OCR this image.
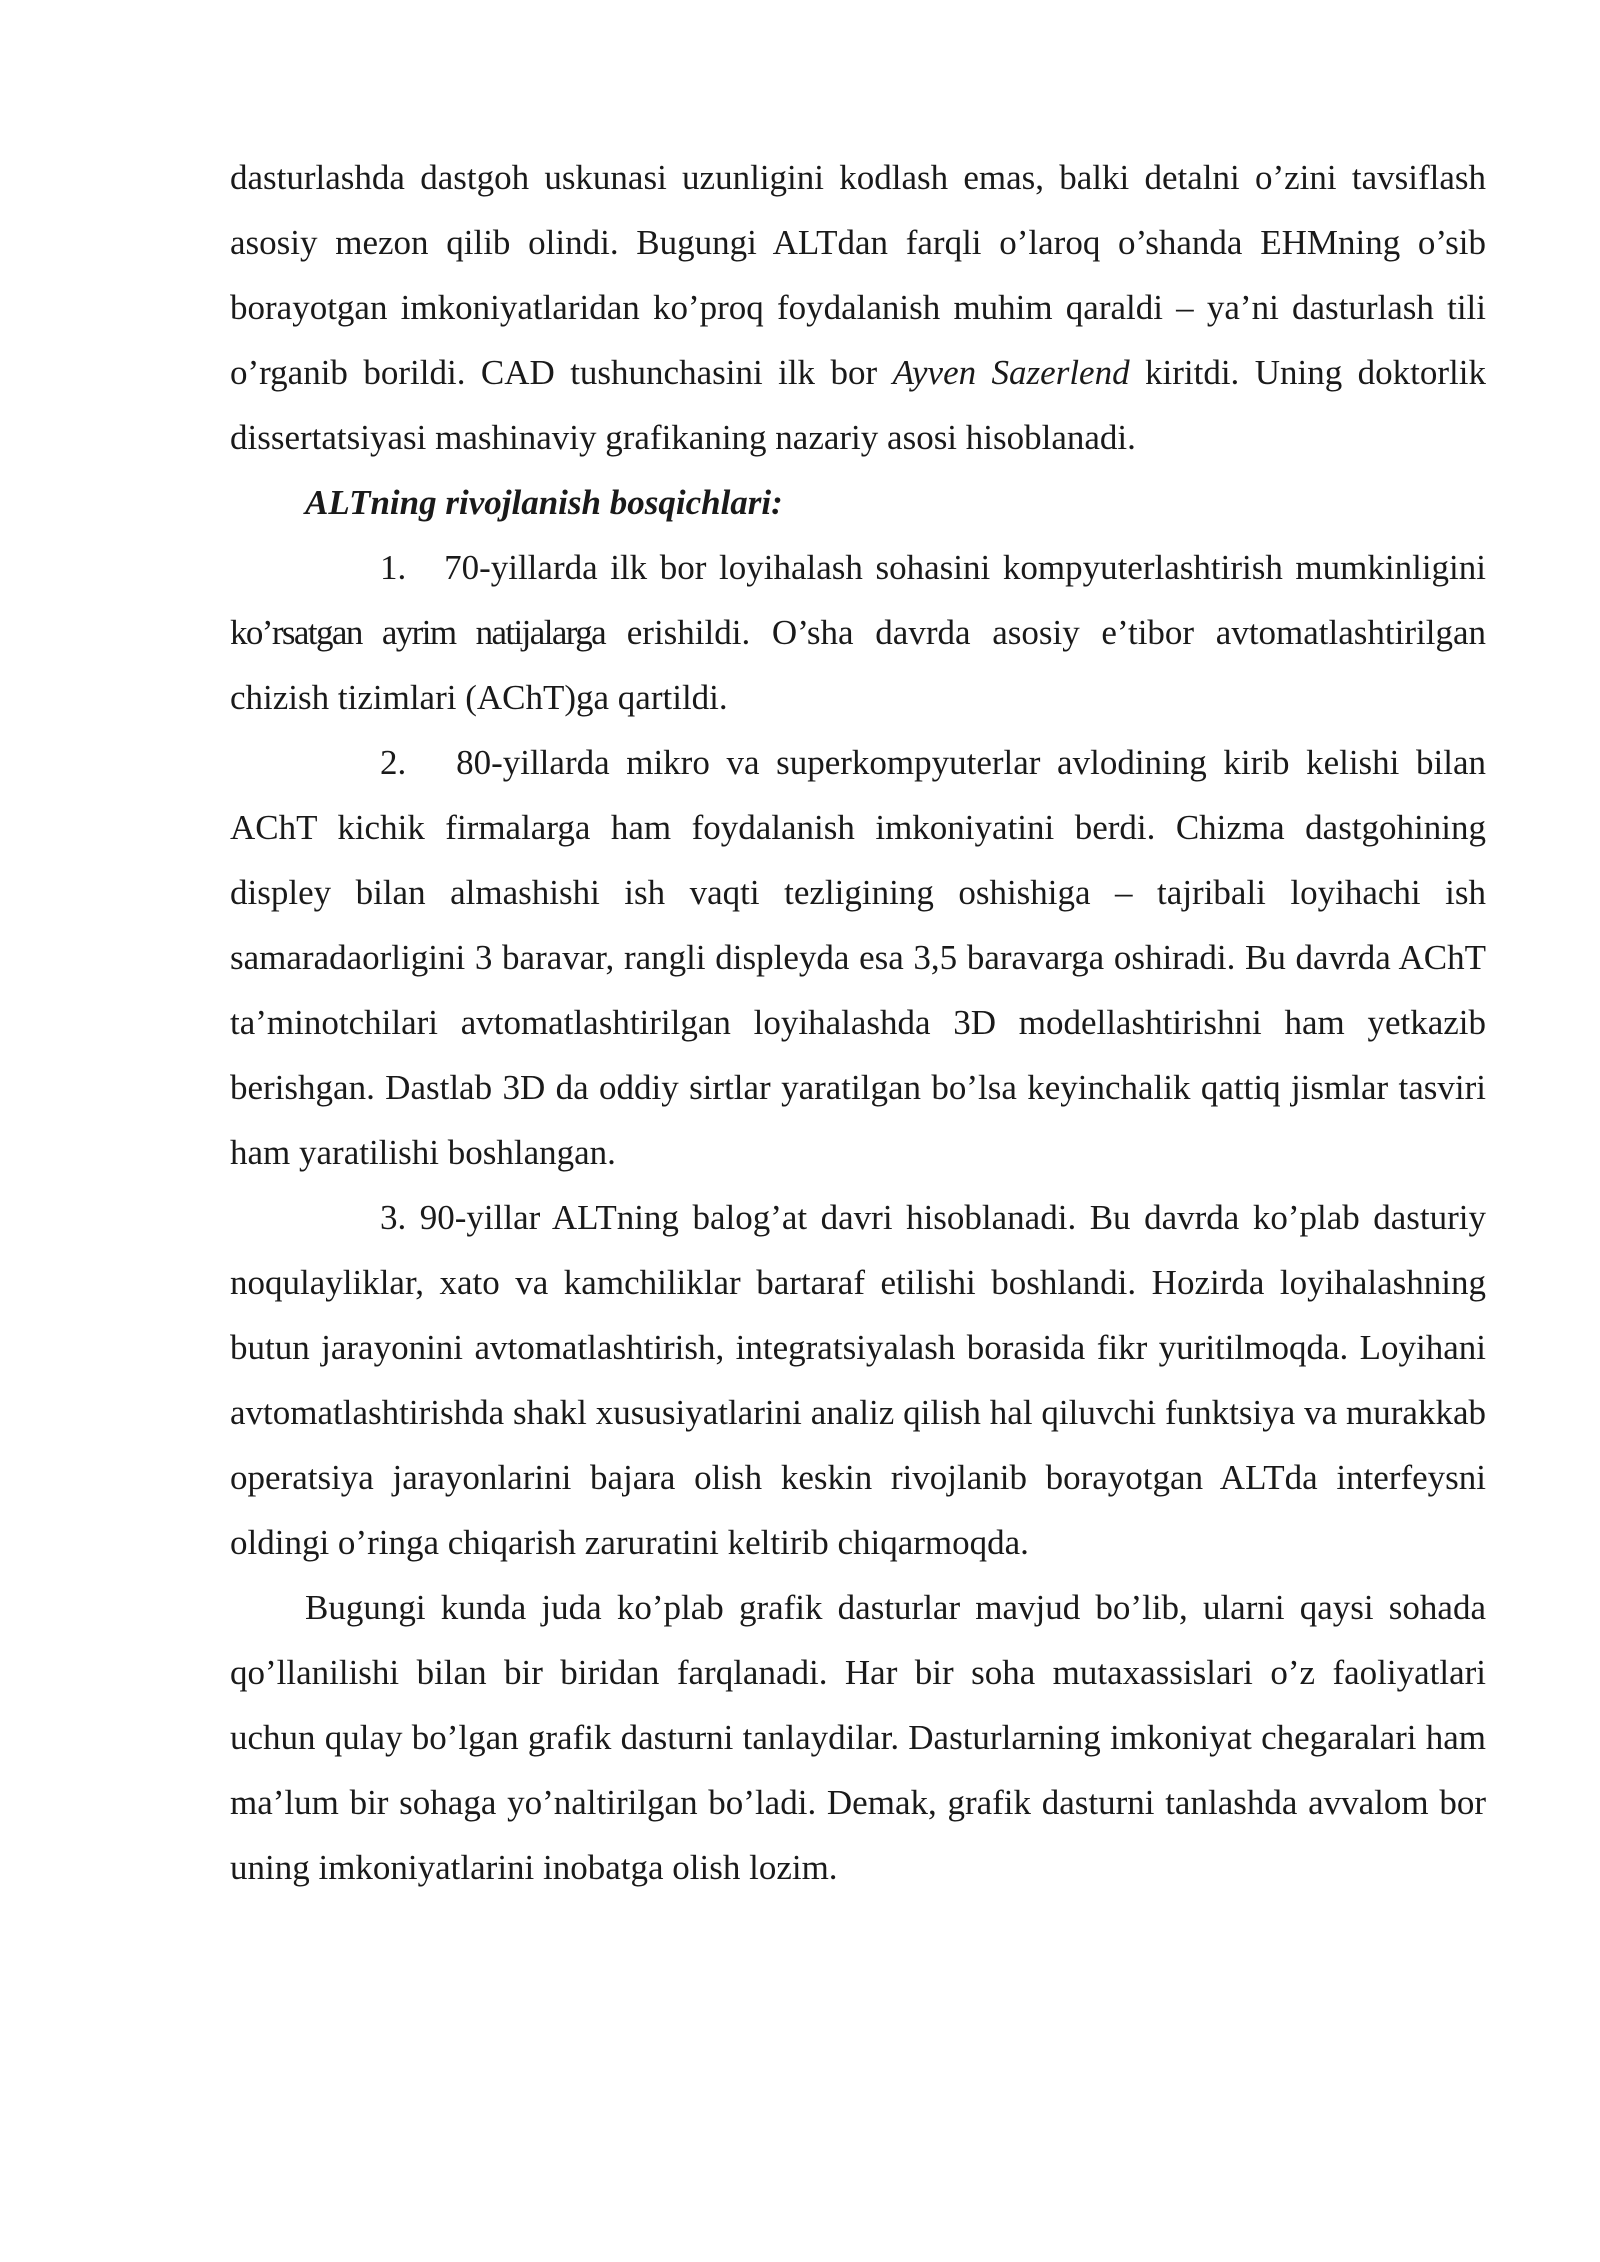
dasturlashda dastgoh uskunasi uzunligini kodlash emas, balki detalni o’zini tavsiflash asosiy mezon qilib olindi. Bugungi ALTdan farqli o’laroq o’shanda EHMning o’sib borayotgan imkoniyatlaridan ko’proq foydalanish muhim qaraldi – ya’ni dasturlash tili o’rganib borildi. CAD tushunchasini ilk bor Ayven Sazerlend kiritdi. Uning doktorlik dissertatsiyasi mashinaviy grafikaning nazariy asosi hisoblanadi.

ALTning rivojlanish bosqichlari:

1. 70-yillarda ilk bor loyihalash sohasini kompyuterlashtirish mumkinligini ko’rsatgan ayrim natijalarga erishildi. O’sha davrda asosiy e’tibor avtomatlashtirilgan chizish tizimlari (AChT)ga qartildi.

2. 80-yillarda mikro va superkompyuterlar avlodining kirib kelishi bilan AChT kichik firmalarga ham foydalanish imkoniyatini berdi. Chizma dastgohining displey bilan almashishi ish vaqti tezligining oshishiga – tajribali loyihachi ish samaradaorligini 3 baravar, rangli displeyda esa 3,5 baravarga oshiradi. Bu davrda AChT ta’minotchilari avtomatlashtirilgan loyihalashda 3D modellashtirishni ham yetkazib berishgan. Dastlab 3D da oddiy sirtlar yaratilgan bo’lsa keyinchalik qattiq jismlar tasviri ham yaratilishi boshlangan.

3. 90-yillar ALTning balog’at davri hisoblanadi. Bu davrda ko’plab dasturiy noqulayliklar, xato va kamchiliklar bartaraf etilishi boshlandi. Hozirda loyihalashning butun jarayonini avtomatlashtirish, integratsiyalash borasida fikr yuritilmoqda. Loyihani avtomatlashtirishda shakl xususiyatlarini analiz qilish hal qiluvchi funktsiya va murakkab operatsiya jarayonlarini bajara olish keskin rivojlanib borayotgan ALTda interfeysni oldingi o’ringa chiqarish zaruratini keltirib chiqarmoqda.

Bugungi kunda juda ko’plab grafik dasturlar mavjud bo’lib, ularni qaysi sohada qo’llanilishi bilan bir biridan farqlanadi. Har bir soha mutaxassislari o’z faoliyatlari uchun qulay bo’lgan grafik dasturni tanlaydilar. Dasturlarning imkoniyat chegaralari ham ma’lum bir sohaga yo’naltirilgan bo’ladi. Demak, grafik dasturni tanlashda avvalom bor uning imkoniyatlarini inobatga olish lozim.
